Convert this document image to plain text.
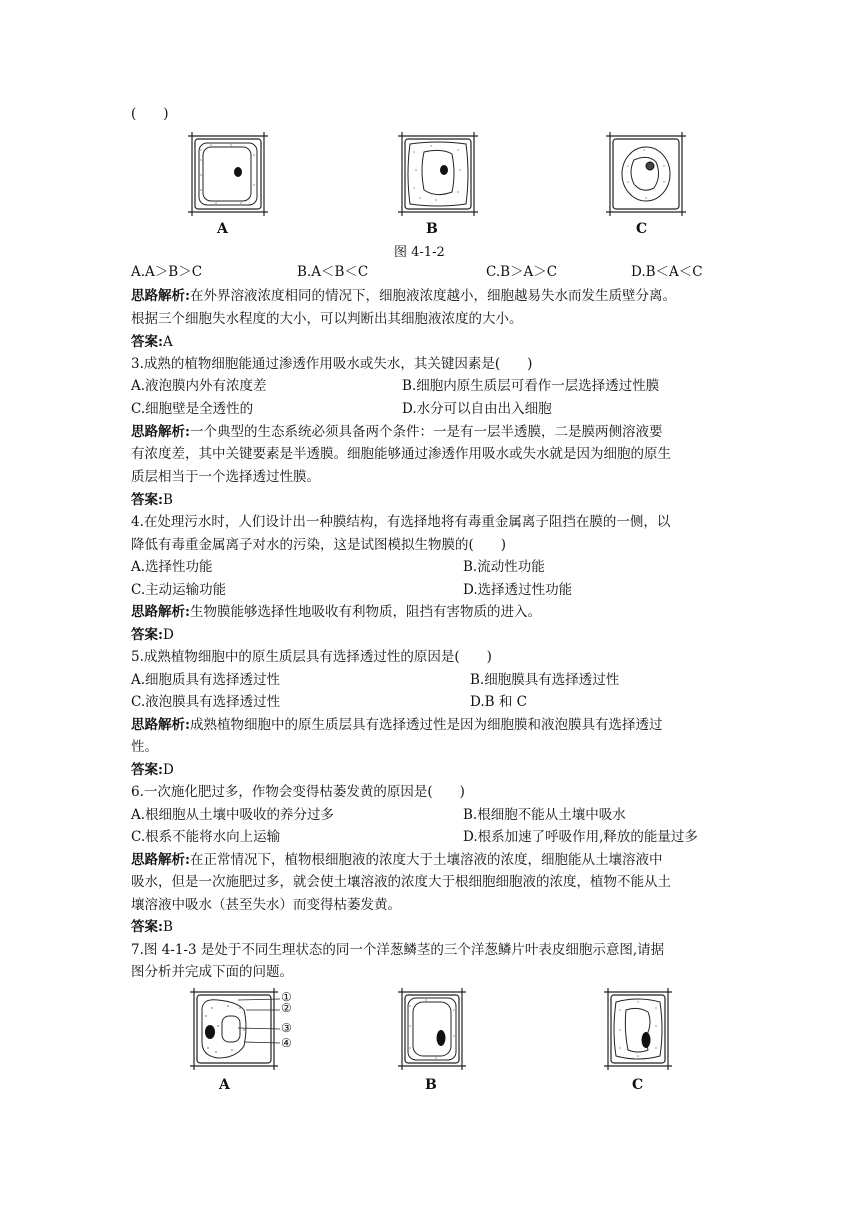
(　　)
A	B	C
图 4-1-2
A.A＞B＞C	B.A＜B＜C	C.B＞A＞C	D.B＜A＜C
思路解析:在外界溶液浓度相同的情况下，细胞液浓度越小，细胞越易失水而发生质壁分离。
根据三个细胞失水程度的大小，可以判断出其细胞液浓度的大小。
答案:A
3.成熟的植物细胞能通过渗透作用吸水或失水，其关键因素是(　　)
A.液泡膜内外有浓度差	B.细胞内原生质层可看作一层选择透过性膜
C.细胞壁是全透性的	D.水分可以自由出入细胞
思路解析:一个典型的生态系统必须具备两个条件：一是有一层半透膜，二是膜两侧溶液要
有浓度差，其中关键要素是半透膜。细胞能够通过渗透作用吸水或失水就是因为细胞的原生
质层相当于一个选择透过性膜。
答案:B
4.在处理污水时，人们设计出一种膜结构，有选择地将有毒重金属离子阻挡在膜的一侧，以
降低有毒重金属离子对水的污染，这是试图模拟生物膜的(　　)
A.选择性功能	B.流动性功能
C.主动运输功能	D.选择透过性功能
思路解析:生物膜能够选择性地吸收有利物质，阻挡有害物质的进入。
答案:D
5.成熟植物细胞中的原生质层具有选择透过性的原因是(　　)
A.细胞质具有选择透过性	B.细胞膜具有选择透过性
C.液泡膜具有选择透过性	D.B 和 C
思路解析:成熟植物细胞中的原生质层具有选择透过性是因为细胞膜和液泡膜具有选择透过
性。
答案:D
6.一次施化肥过多，作物会变得枯萎发黄的原因是(　　)
A.根细胞从土壤中吸收的养分过多	B.根细胞不能从土壤中吸水
C.根系不能将水向上运输	D.根系加速了呼吸作用,释放的能量过多
思路解析:在正常情况下，植物根细胞液的浓度大于土壤溶液的浓度，细胞能从土壤溶液中
吸水，但是一次施肥过多，就会使土壤溶液的浓度大于根细胞细胞液的浓度，植物不能从土
壤溶液中吸水（甚至失水）而变得枯萎发黄。
答案:B
7.图 4-1-3 是处于不同生理状态的同一个洋葱鳞茎的三个洋葱鳞片叶表皮细胞示意图,请据
图分析并完成下面的问题。
①
②
③
④
A	B	C
